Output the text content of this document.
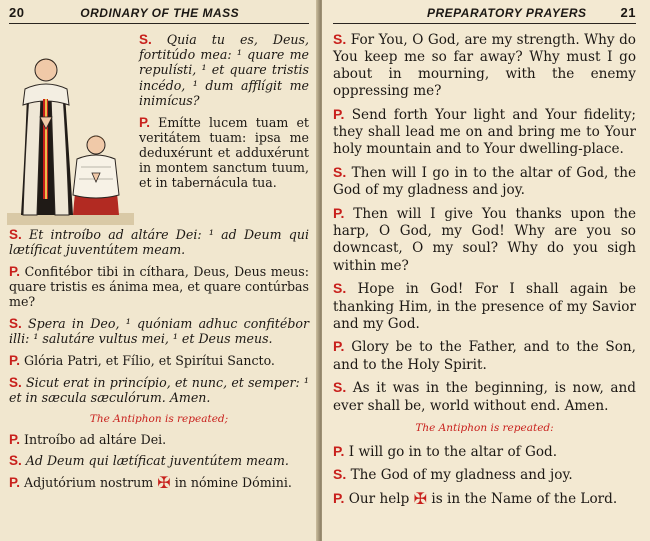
20	ORDINARY OF THE MASS

S. Quia tu es, Deus, fortitúdo mea: ¹ quare me repulísti, ¹ et quare tristis incédo, ¹ dum afflígit me inimícus?

P. Emítte lucem tuam et veritátem tuam: ipsa me deduxérunt et adduxérunt in montem sanctum tuum, et in tabernácula tua.

S. Et introíbo ad altáre Dei: ¹ ad Deum qui lætíficat juventútem meam.

P. Confitébor tibi in cíthara, Deus, Deus meus: quare tristis es ánima mea, et quare contúrbas me?

S. Spera in Deo, ¹ quóniam adhuc confitébor illi: ¹ salutáre vultus mei, ¹ et Deus meus.

P. Glória Patri, et Fílio, et Spirítui Sancto.

S. Sicut erat in princípio, et nunc, et semper: ¹ et in sæcula sæculórum. Amen.

The Antiphon is repeated;

P. Introíbo ad altáre Dei.

S. Ad Deum qui lætíficat juventútem meam.

P. Adjutórium nostrum ✠ in nómine Dómini.

PREPARATORY PRAYERS	21

S. For You, O God, are my strength. Why do You keep me so far away? Why must I go about in mourning, with the enemy oppressing me?

P. Send forth Your light and Your fidelity; they shall lead me on and bring me to Your holy mountain and to Your dwelling-place.

S. Then will I go in to the altar of God, the God of my gladness and joy.

P. Then will I give You thanks upon the harp, O God, my God! Why are you so downcast, O my soul? Why do you sigh within me?

S. Hope in God! For I shall again be thanking Him, in the presence of my Savior and my God.

P. Glory be to the Father, and to the Son, and to the Holy Spirit.

S. As it was in the beginning, is now, and ever shall be, world without end. Amen.

The Antiphon is repeated:

P. I will go in to the altar of God.

S. The God of my gladness and joy.

P. Our help ✠ is in the Name of the Lord.
